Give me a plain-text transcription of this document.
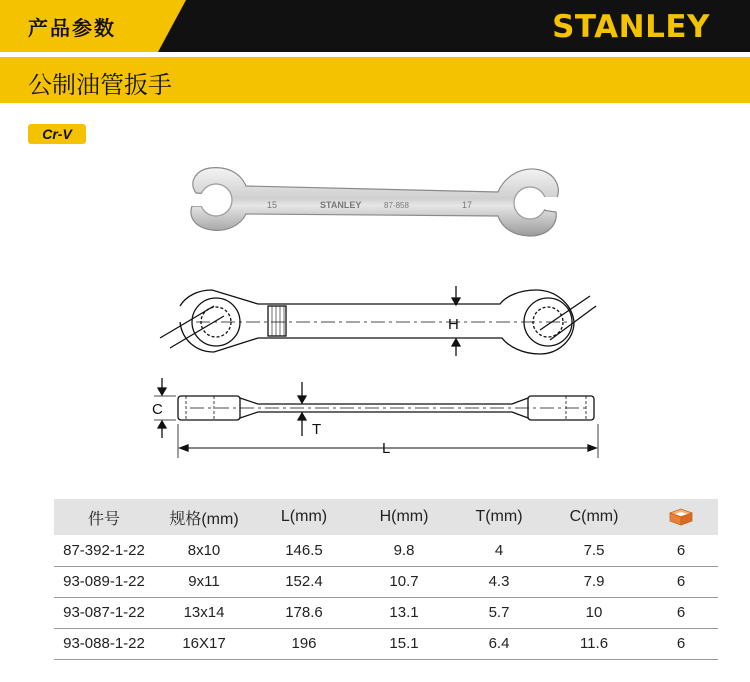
产品参数	STANLEY
公制油管扳手
Cr-V
15	STANLEY	87-858	17
H
C
T
L
件号	规格(mm)	L(mm)	H(mm)	T(mm)	C(mm)	
87-392-1-22	8x10	146.5	9.8	4	7.5	6
93-089-1-22	9x11	152.4	10.7	4.3	7.9	6
93-087-1-22	13x14	178.6	13.1	5.7	10	6
93-088-1-22	16X17	196	15.1	6.4	11.6	6
